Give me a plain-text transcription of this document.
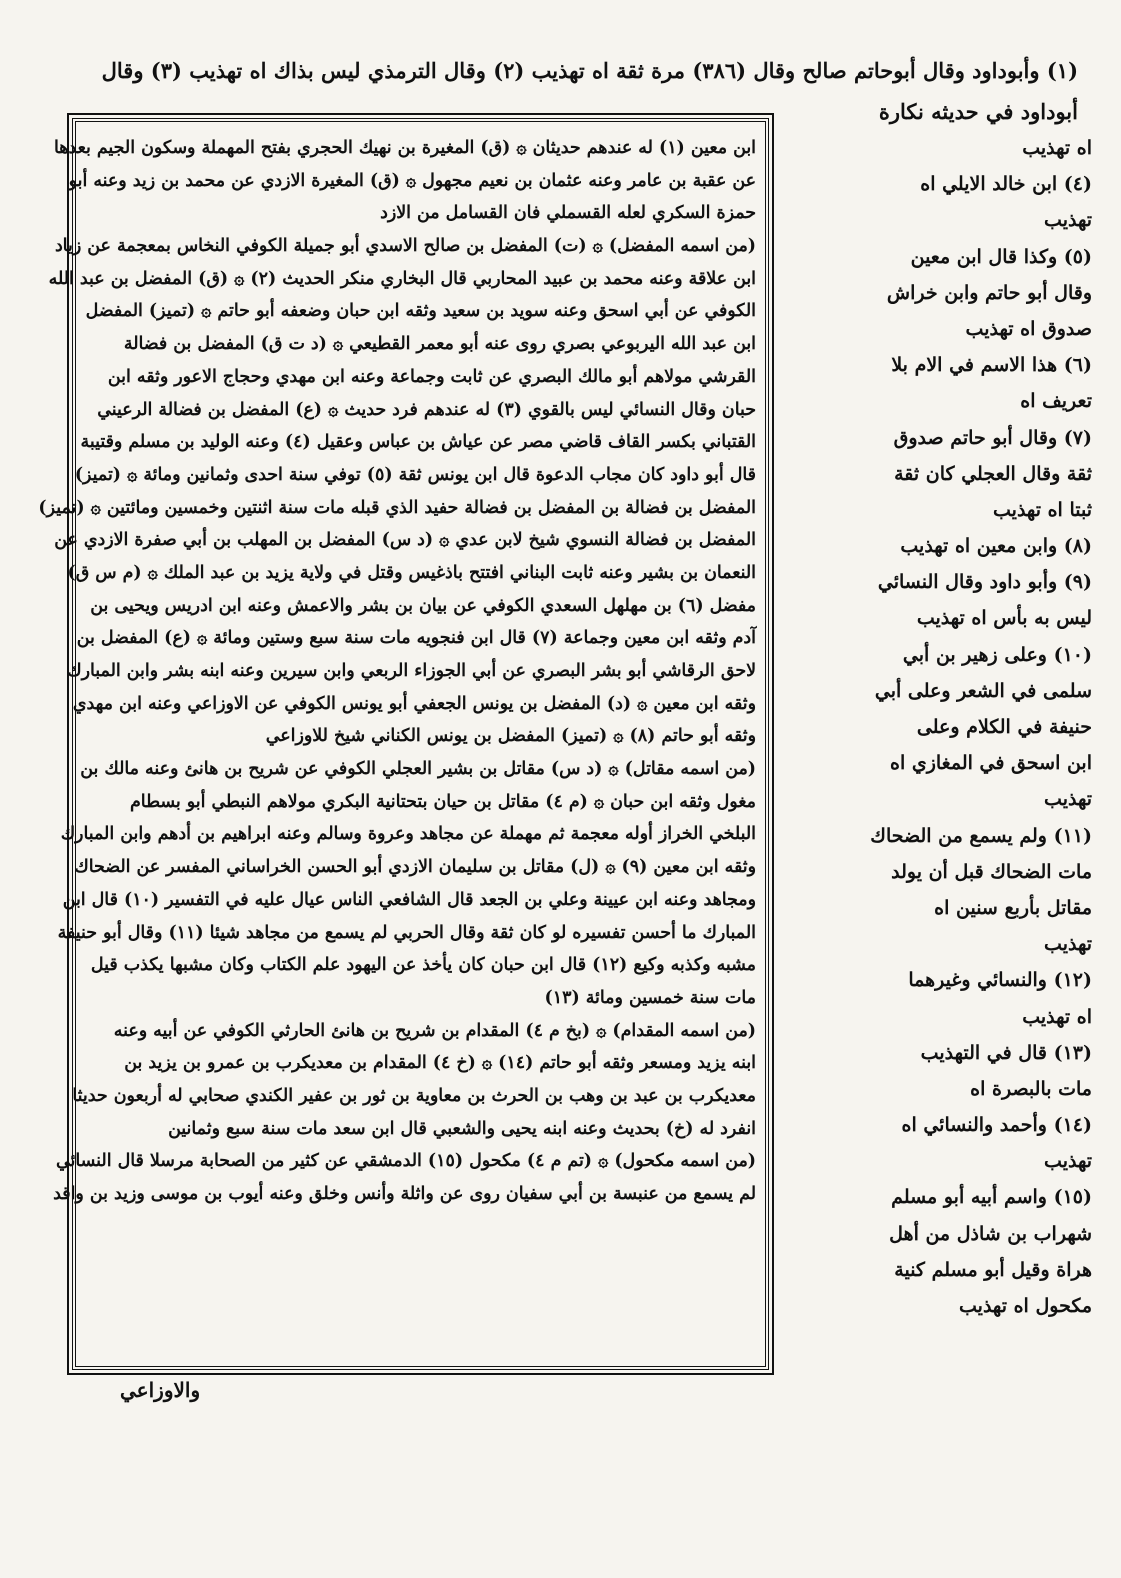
(١) وأبوداود وقال أبوحاتم صالح وقال (٣٨٦) مرة ثقة اه تهذيب (٢) وقال الترمذي ليس بذاك اه تهذيب (٣) وقال
أبوداود في حديثه نكارة
ابن معين (١) له عندهم حديثان ۞ (ق) المغيرة بن نهيك الحجري بفتح المهملة وسكون الجيم بعدها
عن عقبة بن عامر وعنه عثمان بن نعيم مجهول ۞ (ق) المغيرة الازدي عن محمد بن زيد وعنه أبو
حمزة السكري لعله القسملي فان القسامل من الازد
(من اسمه المفضل) ۞ (ت) المفضل بن صالح الاسدي أبو جميلة الكوفي النخاس بمعجمة عن زياد
ابن علاقة وعنه محمد بن عبيد المحاربي قال البخاري منكر الحديث (٢) ۞ (ق) المفضل بن عبد الله
الكوفي عن أبي اسحق وعنه سويد بن سعيد وثقه ابن حبان وضعفه أبو حاتم ۞ (تميز) المفضل
ابن عبد الله اليربوعي بصري روى عنه أبو معمر القطيعي ۞ (د ت ق) المفضل بن فضالة
القرشي مولاهم أبو مالك البصري عن ثابت وجماعة وعنه ابن مهدي وحجاج الاعور وثقه ابن
حبان وقال النسائي ليس بالقوي (٣) له عندهم فرد حديث ۞ (ع) المفضل بن فضالة الرعيني
القتباني بكسر القاف قاضي مصر عن عياش بن عباس وعقيل (٤) وعنه الوليد بن مسلم وقتيبة
قال أبو داود كان مجاب الدعوة قال ابن يونس ثقة (٥) توفي سنة احدى وثمانين ومائة ۞ (تميز)
المفضل بن فضالة بن المفضل بن فضالة حفيد الذي قبله مات سنة اثنتين وخمسين ومائتين ۞ (تميز)
المفضل بن فضالة النسوي شيخ لابن عدي ۞ (د س) المفضل بن المهلب بن أبي صفرة الازدي عن
النعمان بن بشير وعنه ثابت البناني افتتح باذغيس وقتل في ولاية يزيد بن عبد الملك ۞ (م س ق)
مفضل (٦) بن مهلهل السعدي الكوفي عن بيان بن بشر والاعمش وعنه ابن ادريس ويحيى بن
آدم وثقه ابن معين وجماعة (٧) قال ابن فنجويه مات سنة سبع وستين ومائة ۞ (ع) المفضل بن
لاحق الرقاشي أبو بشر البصري عن أبي الجوزاء الربعي وابن سيرين وعنه ابنه بشر وابن المبارك
وثقه ابن معين ۞ (د) المفضل بن يونس الجعفي أبو يونس الكوفي عن الاوزاعي وعنه ابن مهدي
وثقه أبو حاتم (٨) ۞ (تميز) المفضل بن يونس الكناني شيخ للاوزاعي
(من اسمه مقاتل) ۞ (د س) مقاتل بن بشير العجلي الكوفي عن شريح بن هانئ وعنه مالك بن
مغول وثقه ابن حبان ۞ (م ٤) مقاتل بن حيان بتحتانية البكري مولاهم النبطي أبو بسطام
البلخي الخراز أوله معجمة ثم مهملة عن مجاهد وعروة وسالم وعنه ابراهيم بن أدهم وابن المبارك
وثقه ابن معين (٩) ۞ (ل) مقاتل بن سليمان الازدي أبو الحسن الخراساني المفسر عن الضحاك
ومجاهد وعنه ابن عيينة وعلي بن الجعد قال الشافعي الناس عيال عليه في التفسير (١٠) قال ابن
المبارك ما أحسن تفسيره لو كان ثقة وقال الحربي لم يسمع من مجاهد شيئا (١١) وقال أبو حنيفة
مشبه وكذبه وكيع (١٢) قال ابن حبان كان يأخذ عن اليهود علم الكتاب وكان مشبها يكذب قيل
مات سنة خمسين ومائة (١٣)
(من اسمه المقدام) ۞ (بخ م ٤) المقدام بن شريح بن هانئ الحارثي الكوفي عن أبيه وعنه
ابنه يزيد ومسعر وثقه أبو حاتم (١٤) ۞ (خ ٤) المقدام بن معديكرب بن عمرو بن يزيد بن
معديكرب بن عبد بن وهب بن الحرث بن معاوية بن ثور بن عفير الكندي صحابي له أربعون حديثا
انفرد له (خ) بحديث وعنه ابنه يحيى والشعبي قال ابن سعد مات سنة سبع وثمانين
(من اسمه مكحول) ۞ (تم م ٤) مكحول (١٥) الدمشقي عن كثير من الصحابة مرسلا قال النسائي
لم يسمع من عنبسة بن أبي سفيان روى عن واثلة وأنس وخلق وعنه أيوب بن موسى وزيد بن واقد
اه تهذيب
(٤) ابن خالد الايلي اه
تهذيب
(٥) وكذا قال ابن معين
وقال أبو حاتم وابن خراش
صدوق اه تهذيب
(٦) هذا الاسم في الام بلا
تعريف اه
(٧) وقال أبو حاتم صدوق
ثقة وقال العجلي كان ثقة
ثبتا اه تهذيب
(٨) وابن معين اه تهذيب
(٩) وأبو داود وقال النسائي
ليس به بأس اه تهذيب
(١٠) وعلى زهير بن أبي
سلمى في الشعر وعلى أبي
حنيفة في الكلام وعلى
ابن اسحق في المغازي اه
تهذيب
(١١) ولم يسمع من الضحاك
مات الضحاك قبل أن يولد
مقاتل بأربع سنين اه
تهذيب
(١٢) والنسائي وغيرهما
اه تهذيب
(١٣) قال في التهذيب
مات بالبصرة اه
(١٤) وأحمد والنسائي اه
تهذيب
(١٥) واسم أبيه أبو مسلم
شهراب بن شاذل من أهل
هراة وقيل أبو مسلم كنية
مكحول اه تهذيب
والاوزاعي
